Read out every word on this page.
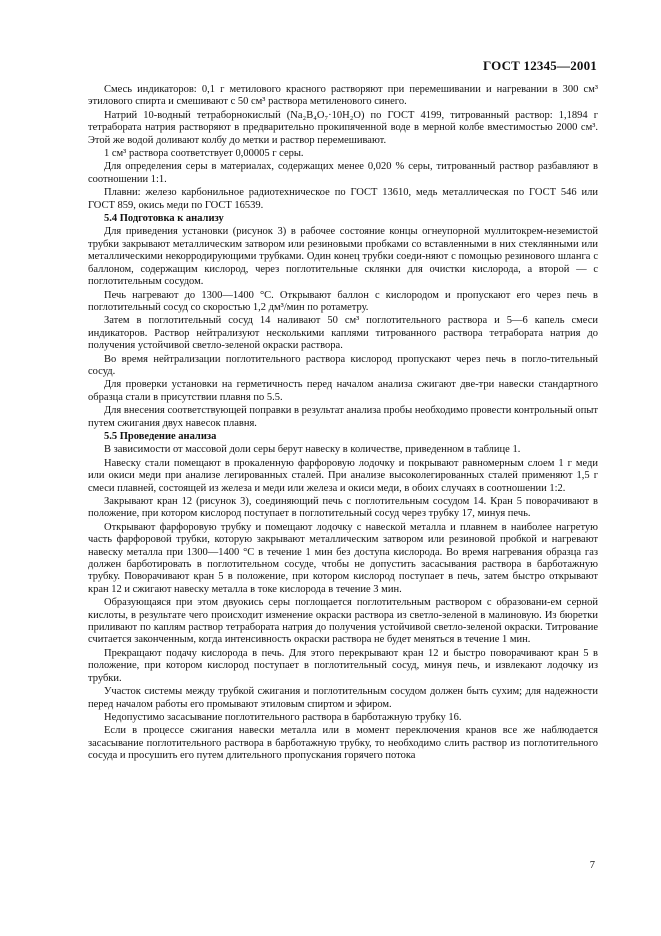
ГОСТ 12345—2001

Смесь индикаторов: 0,1 г метилового красного растворяют при перемешивании и нагревании в 300 см³ этилового спирта и смешивают с 50 см³ раствора метиленового синего.

Натрий 10-водный тетраборнокислый (Na₂B₄O₇·10H₂O) по ГОСТ 4199, титрованный раствор: 1,1894 г тетрабората натрия растворяют в предварительно прокипяченной воде в мерной колбе вместимостью 2000 см³. Этой же водой доливают колбу до метки и раствор перемешивают.

1 см³ раствора соответствует 0,00005 г серы.

Для определения серы в материалах, содержащих менее 0,020 % серы, титрованный раствор разбавляют в соотношении 1:1.

Плавни: железо карбонильное радиотехническое по ГОСТ 13610, медь металлическая по ГОСТ 546 или ГОСТ 859, окись меди по ГОСТ 16539.

5.4 Подготовка к анализу

Для приведения установки (рисунок 3) в рабочее состояние концы огнеупорной муллитокрем-неземистой трубки закрывают металлическим затвором или резиновыми пробками со вставленными в них стеклянными или металлическими некорродирующими трубками. Один конец трубки соеди-няют с помощью резинового шланга с баллоном, содержащим кислород, через поглотительные склянки для очистки кислорода, а второй — с поглотительным сосудом.

Печь нагревают до 1300—1400 °С. Открывают баллон с кислородом и пропускают его через печь в поглотительный сосуд со скоростью 1,2 дм³/мин по ротаметру.

Затем в поглотительный сосуд 14 наливают 50 см³ поглотительного раствора и 5—6 капель смеси индикаторов. Раствор нейтрализуют несколькими каплями титрованного раствора тетрабората натрия до получения устойчивой светло-зеленой окраски раствора.

Во время нейтрализации поглотительного раствора кислород пропускают через печь в погло-тительный сосуд.

Для проверки установки на герметичность перед началом анализа сжигают две-три навески стандартного образца стали в присутствии плавня по 5.5.

Для внесения соответствующей поправки в результат анализа пробы необходимо провести контрольный опыт путем сжигания двух навесок плавня.

5.5 Проведение анализа

В зависимости от массовой доли серы берут навеску в количестве, приведенном в таблице 1.

Навеску стали помещают в прокаленную фарфоровую лодочку и покрывают равномерным слоем 1 г меди или окиси меди при анализе легированных сталей. При анализе высоколегированных сталей применяют 1,5 г смеси плавней, состоящей из железа и меди или железа и окиси меди, в обоих случаях в соотношении 1:2.

Закрывают кран 12 (рисунок 3), соединяющий печь с поглотительным сосудом 14. Кран 5 поворачивают в положение, при котором кислород поступает в поглотительный сосуд через трубку 17, минуя печь.

Открывают фарфоровую трубку и помещают лодочку с навеской металла и плавнем в наиболее нагретую часть фарфоровой трубки, которую закрывают металлическим затвором или резиновой пробкой и нагревают навеску металла при 1300—1400 °С в течение 1 мин без доступа кислорода. Во время нагревания образца газ должен барботировать в поглотительном сосуде, чтобы не допустить засасывания раствора в барботажную трубку. Поворачивают кран 5 в положение, при котором кислород поступает в печь, затем быстро открывают кран 12 и сжигают навеску металла в токе кислорода в течение 3 мин.

Образующаяся при этом двуокись серы поглощается поглотительным раствором с образовани-ем серной кислоты, в результате чего происходит изменение окраски раствора из светло-зеленой в малиновую. Из бюретки приливают по каплям раствор тетрабората натрия до получения устойчивой светло-зеленой окраски. Титрование считается законченным, когда интенсивность окраски раствора не будет меняться в течение 1 мин.

Прекращают подачу кислорода в печь. Для этого перекрывают кран 12 и быстро поворачивают кран 5 в положение, при котором кислород поступает в поглотительный сосуд, минуя печь, и извлекают лодочку из трубки.

Участок системы между трубкой сжигания и поглотительным сосудом должен быть сухим; для надежности перед началом работы его промывают этиловым спиртом и эфиром.

Недопустимо засасывание поглотительного раствора в барботажную трубку 16.

Если в процессе сжигания навески металла или в момент переключения кранов все же наблюдается засасывание поглотительного раствора в барботажную трубку, то необходимо слить раствор из поглотительного сосуда и просушить его путем длительного пропускания горячего потока

7
